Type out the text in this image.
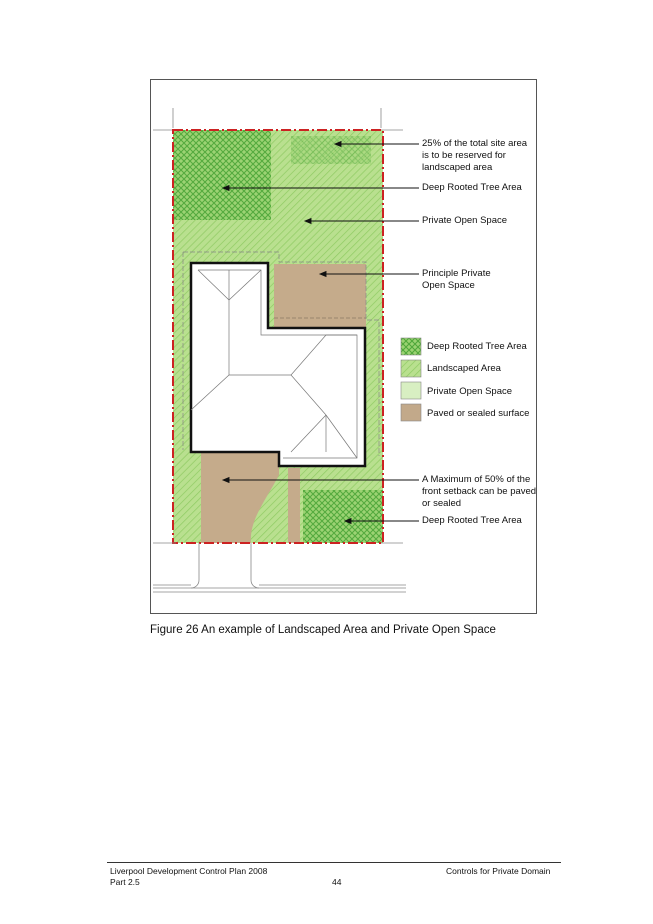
25% of the total site area
is to be reserved for
landscaped area
Deep Rooted Tree Area
Private Open Space
Principle Private
Open Space
A Maximum of 50% of the
front setback can be paved
or sealed
Deep Rooted Tree Area
Deep Rooted Tree Area
Landscaped Area
Private Open Space
Paved or sealed surface
Figure 26 An example of Landscaped Area and Private Open Space
Liverpool Development Control Plan 2008
Part 2.5	44
Controls for Private Domain
